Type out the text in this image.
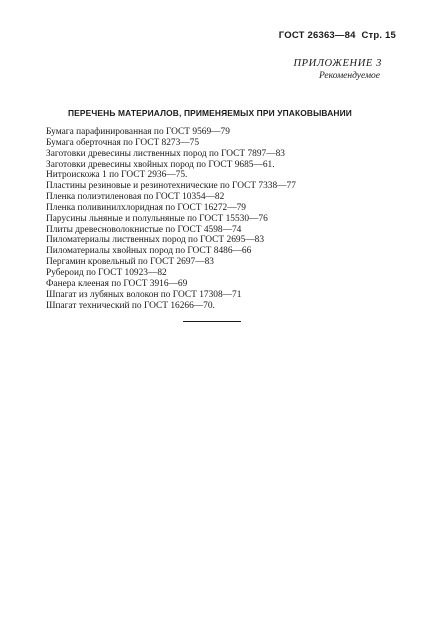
ГОСТ 26363—84 Стр. 15
ПРИЛОЖЕНИЕ 3
Рекомендуемое
ПЕРЕЧЕНЬ МАТЕРИАЛОВ, ПРИМЕНЯЕМЫХ ПРИ УПАКОВЫВАНИИ
Бумага парафинированная по ГОСТ 9569—79
Бумага оберточная по ГОСТ 8273—75
Заготовки древесины лиственных пород по ГОСТ 7897—83
Заготовки древесины хвойных пород по ГОСТ 9685—61.
Нитроискожа 1 по ГОСТ 2936—75.
Пластины резиновые и резинотехнические по ГОСТ 7338—77
Пленка полиэтиленовая по ГОСТ 10354—82
Пленка поливинилхлоридная по ГОСТ 16272—79
Парусины льняные и полульняные по ГОСТ 15530—76
Плиты древесноволокнистые по ГОСТ 4598—74
Пиломатериалы лиственных пород по ГОСТ 2695—83
Пиломатериалы хвойных пород по ГОСТ 8486—66
Пергамин кровельный по ГОСТ 2697—83
Рубероид по ГОСТ 10923—82
Фанера клееная по ГОСТ 3916—69
Шпагат из лубяных волокон по ГОСТ 17308—71
Шпагат технический по ГОСТ 16266—70.
